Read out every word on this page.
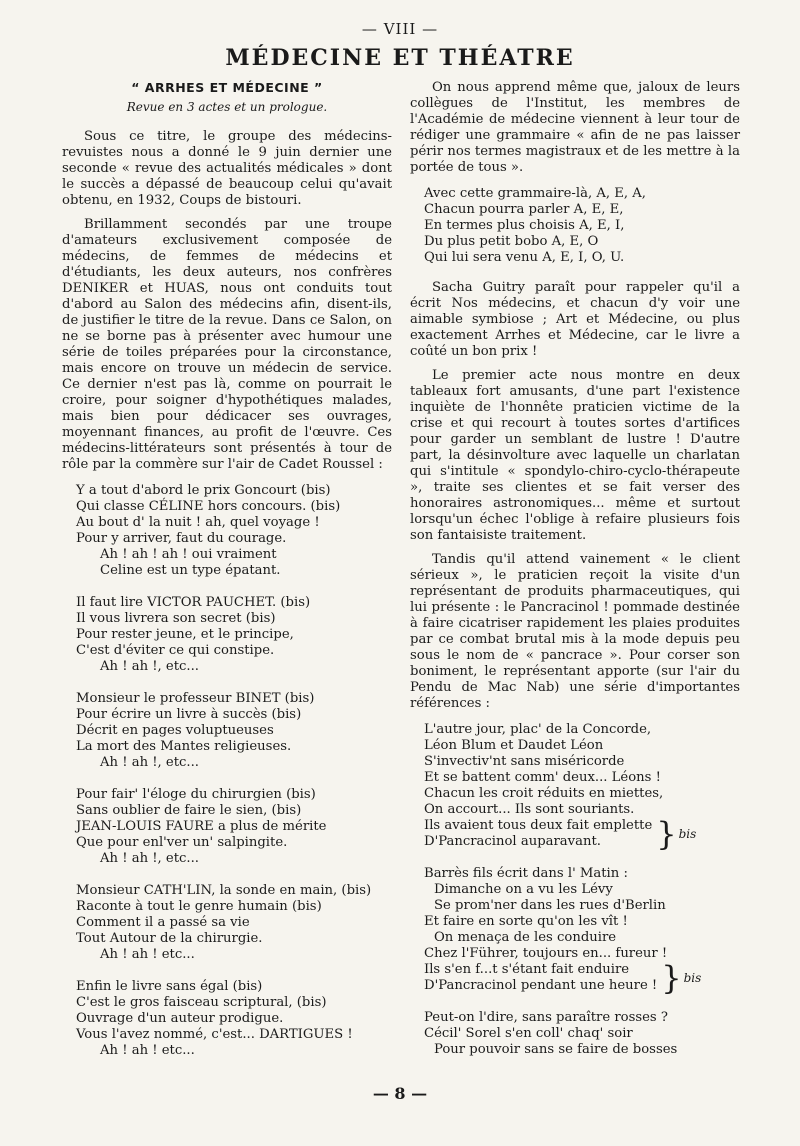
— VIII —
MÉDECINE ET THÉATRE
“ ARRHES ET MÉDECINE ”
Revue en 3 actes et un prologue.

Sous ce titre, le groupe des médecins-revuistes nous a donné le 9 juin dernier une seconde « revue des actualités médicales » dont le succès a dépassé de beaucoup celui qu'avait obtenu, en 1932, Coups de bistouri.

Brillamment secondés par une troupe d'amateurs exclusivement composée de médecins, de femmes de médecins et d'étudiants, les deux auteurs, nos confrères DENIKER et HUAS, nous ont conduits tout d'abord au Salon des médecins afin, disent-ils, de justifier le titre de la revue. Dans ce Salon, on ne se borne pas à présenter avec humour une série de toiles préparées pour la circonstance, mais encore on trouve un médecin de service. Ce dernier n'est pas là, comme on pourrait le croire, pour soigner d'hypothétiques malades, mais bien pour dédicacer ses ouvrages, moyennant finances, au profit de l'œuvre. Ces médecins-littérateurs sont présentés à tour de rôle par la commère sur l'air de Cadet Roussel :

Y a tout d'abord le prix Goncourt (bis)
Qui classe CÉLINE hors concours. (bis)
Au bout d' la nuit ! ah, quel voyage !
Pour y arriver, faut du courage.
Ah ! ah ! ah ! oui vraiment
Celine est un type épatant.
Il faut lire VICTOR PAUCHET. (bis)
Il vous livrera son secret (bis)
Pour rester jeune, et le principe,
C'est d'éviter ce qui constipe.
Ah ! ah !, etc...
Monsieur le professeur BINET (bis)
Pour écrire un livre à succès (bis)
Décrit en pages voluptueuses
La mort des Mantes religieuses.
Ah ! ah !, etc...
Pour fair' l'éloge du chirurgien (bis)
Sans oublier de faire le sien, (bis)
JEAN-LOUIS FAURE a plus de mérite
Que pour enl'ver un' salpingite.
Ah ! ah !, etc...
Monsieur CATH'LIN, la sonde en main, (bis)
Raconte à tout le genre humain (bis)
Comment il a passé sa vie
Tout Autour de la chirurgie.
Ah ! ah ! etc...
Enfin le livre sans égal (bis)
C'est le gros faisceau scriptural, (bis)
Ouvrage d'un auteur prodigue.
Vous l'avez nommé, c'est... DARTIGUES !
Ah ! ah ! etc...

On nous apprend même que, jaloux de leurs collègues de l'Institut, les membres de l'Académie de médecine viennent à leur tour de rédiger une grammaire « afin de ne pas laisser périr nos termes magistraux et de les mettre à la portée de tous ».

Avec cette grammaire-là, A, E, A,
Chacun pourra parler A, E, E,
En termes plus choisis A, E, I,
Du plus petit bobo A, E, O
Qui lui sera venu A, E, I, O, U.

Sacha Guitry paraît pour rappeler qu'il a écrit Nos médecins, et chacun d'y voir une aimable symbiose ; Art et Médecine, ou plus exactement Arrhes et Médecine, car le livre a coûté un bon prix !

Le premier acte nous montre en deux tableaux fort amusants, d'une part l'existence inquiète de l'honnête praticien victime de la crise et qui recourt à toutes sortes d'artifices pour garder un semblant de lustre ! D'autre part, la désinvolture avec laquelle un charlatan qui s'intitule « spondylo-chiro-cyclo-thérapeute », traite ses clientes et se fait verser des honoraires astronomiques... même et surtout lorsqu'un échec l'oblige à refaire plusieurs fois son fantaisiste traitement.

Tandis qu'il attend vainement « le client sérieux », le praticien reçoit la visite d'un représentant de produits pharmaceutiques, qui lui présente : le Pancracinol ! pommade destinée à faire cicatriser rapidement les plaies produites par ce combat brutal mis à la mode depuis peu sous le nom de « pancrace ». Pour corser son boniment, le représentant apporte (sur l'air du Pendu de Mac Nab) une série d'importantes références :

L'autre jour, plac' de la Concorde,
Léon Blum et Daudet Léon
S'invectiv'nt sans miséricorde
Et se battent comm' deux... Léons !
Chacun les croit réduits en miettes,
On accourt... Ils sont souriants.
Ils avaient tous deux fait emplette
D'Pancracinol auparavant.	} bis
Barrès fils écrit dans l' Matin :
Dimanche on a vu les Lévy
Se prom'ner dans les rues d'Berlin
Et faire en sorte qu'on les vît !
On menaça de les conduire
Chez l'Führer, toujours en... fureur !
Ils s'en f...t s'étant fait enduire
D'Pancracinol pendant une heure ! } bis
Peut-on l'dire, sans paraître rosses ?
Cécil' Sorel s'en coll' chaq' soir
Pour pouvoir sans se faire de bosses
— 8 —
